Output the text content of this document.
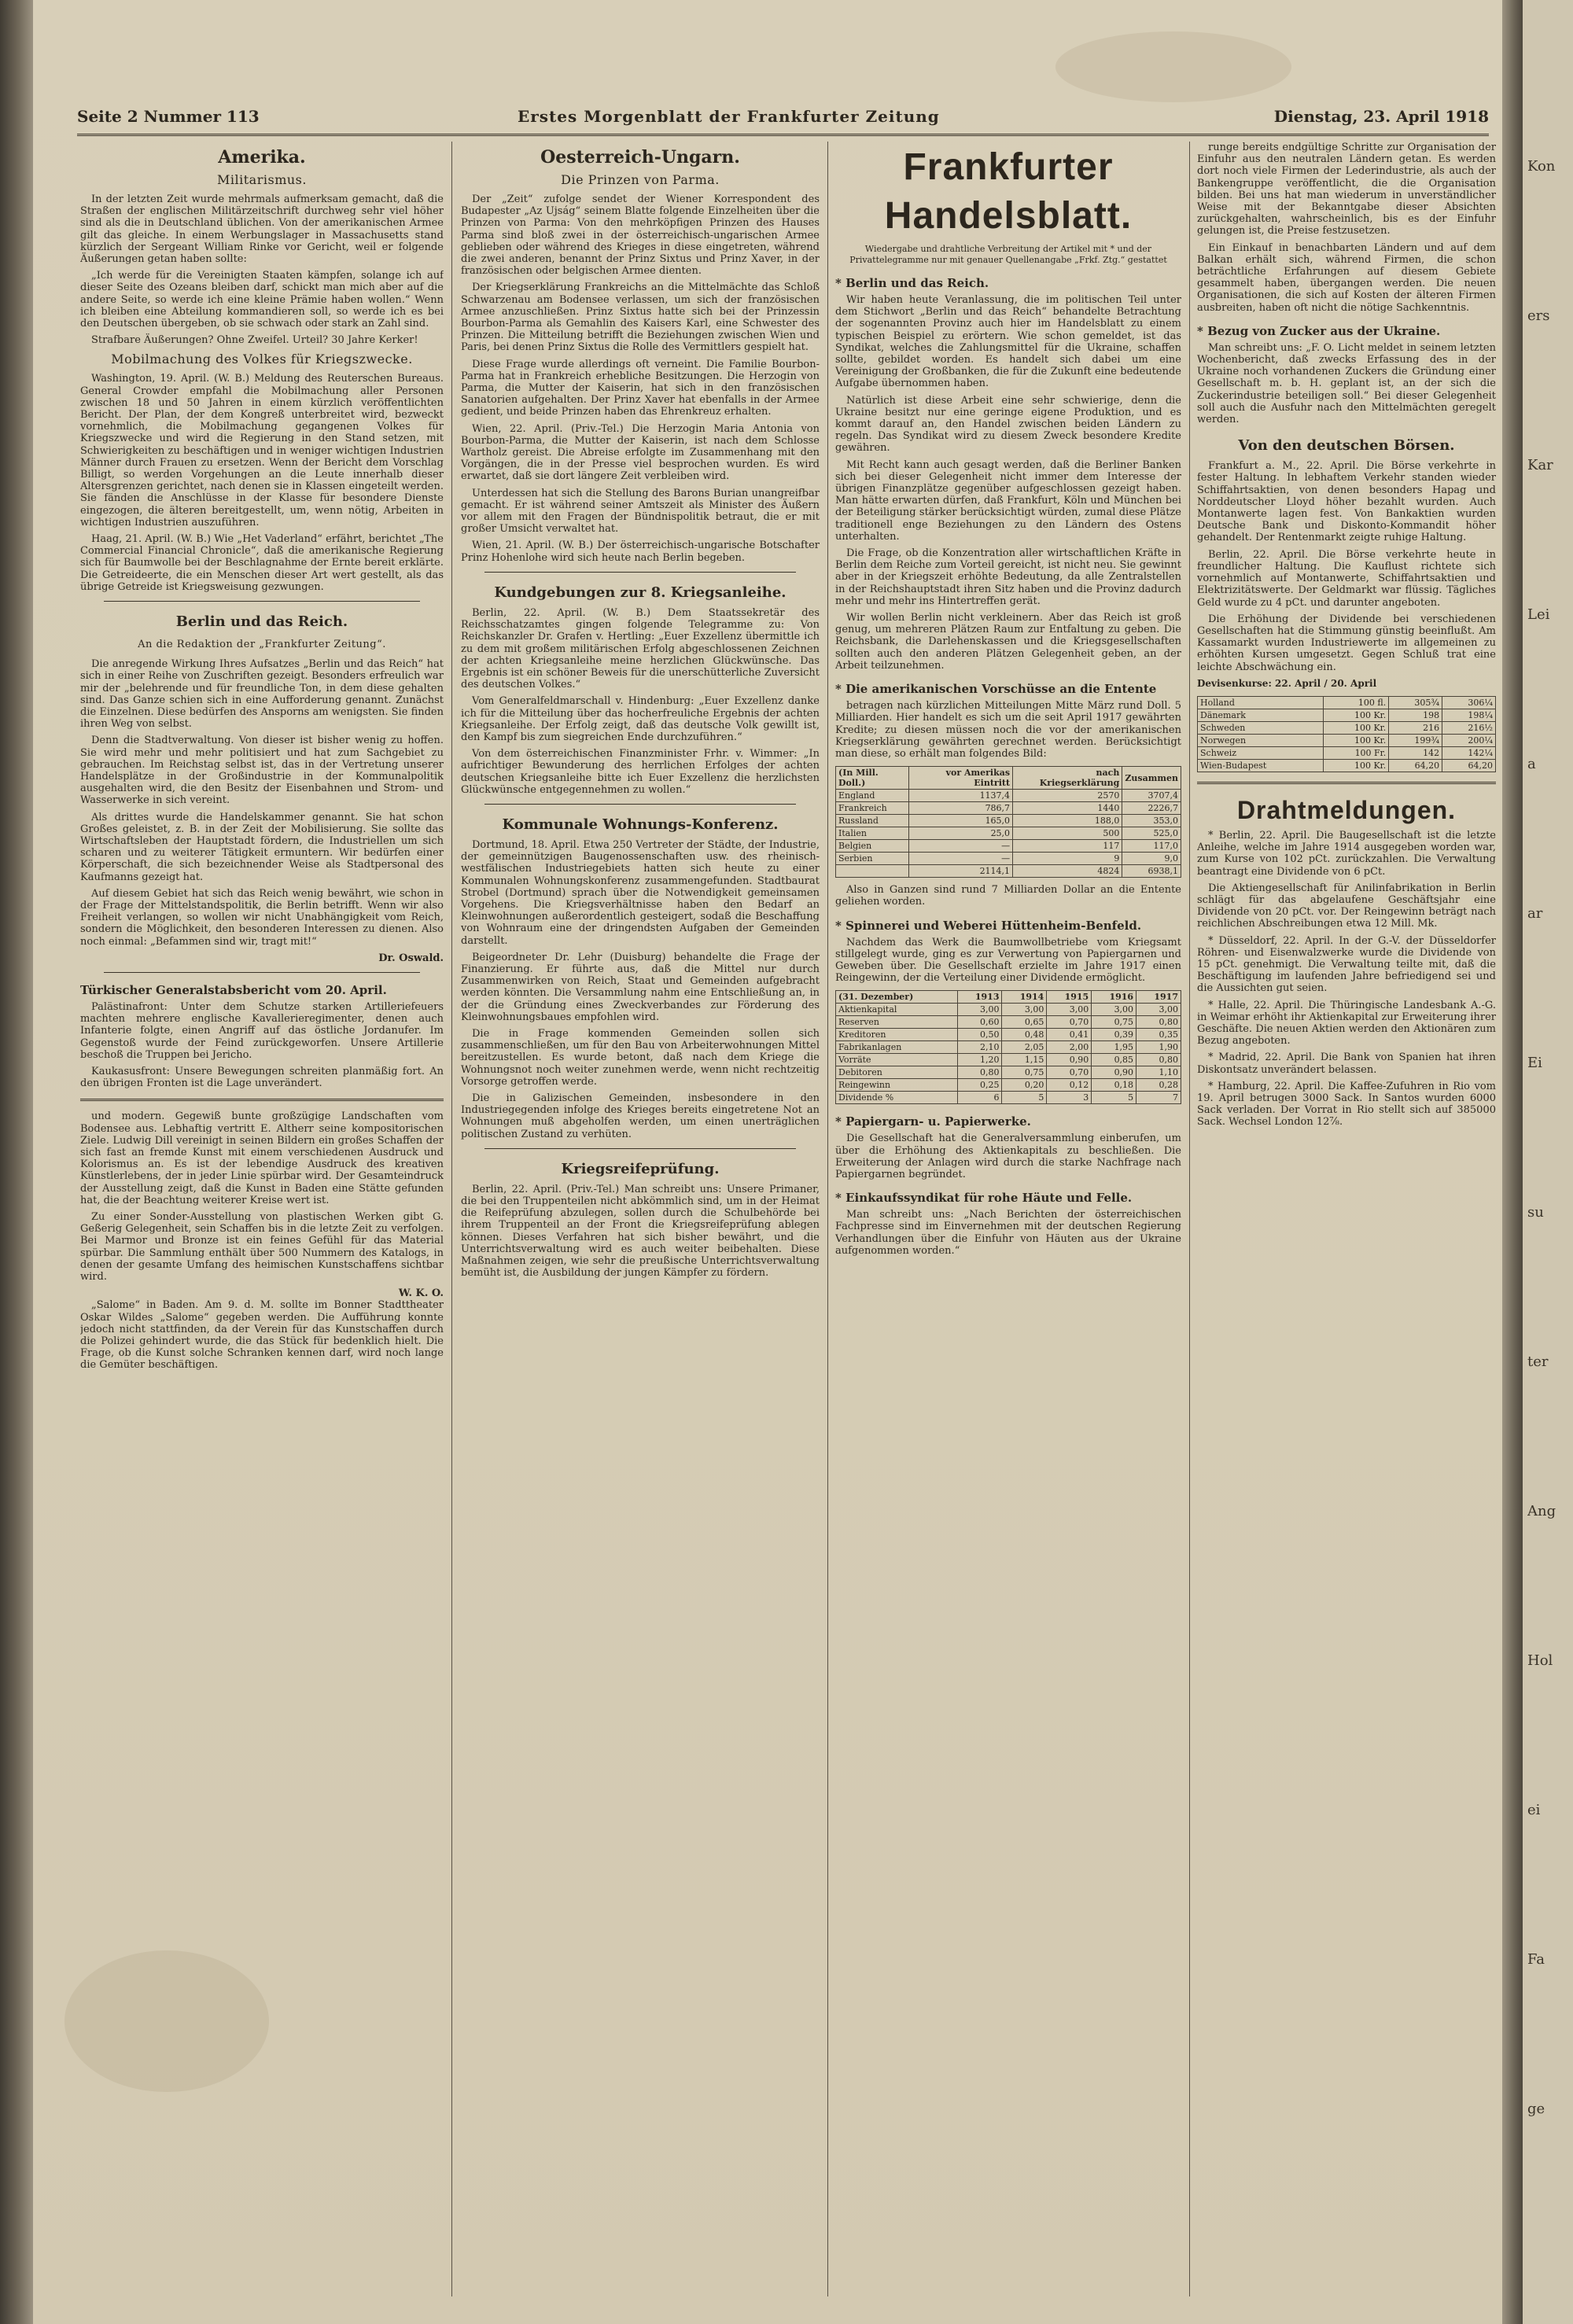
Seite 2 Nummer 113	Erstes Morgenblatt der Frankfurter Zeitung	Dienstag, 23. April 1918
Amerika.
Militarismus.

In der letzten Zeit wurde mehrmals aufmerksam gemacht, daß die Straßen der englischen Militärzeitschrift durchweg sehr viel höher sind als die in Deutschland üblichen. Von der amerikanischen Armee gilt das gleiche. In einem Werbungslager in Massachusetts stand kürzlich der Sergeant William Rinke vor Gericht, weil er folgende Äußerungen getan haben sollte:

„Ich werde für die Vereinigten Staaten kämpfen, solange ich auf dieser Seite des Ozeans bleiben darf, schickt man mich aber auf die andere Seite, so werde ich eine kleine Prämie haben wollen.“ Wenn ich bleiben eine Abteilung kommandieren soll, so werde ich es bei den Deutschen übergeben, ob sie schwach oder stark an Zahl sind.

Strafbare Äußerungen? Ohne Zweifel. Urteil? 30 Jahre Kerker!

Mobilmachung des Volkes für Kriegszwecke.

Washington, 19. April. (W. B.) Meldung des Reuterschen Bureaus. General Crowder empfahl die Mobilmachung aller Personen zwischen 18 und 50 Jahren in einem kürzlich veröffentlichten Bericht. Der Plan, der dem Kongreß unterbreitet wird, bezweckt vornehmlich, die Mobilmachung gegangenen Volkes für Kriegszwecke und wird die Regierung in den Stand setzen, mit Schwierigkeiten zu beschäftigen und in weniger wichtigen Industrien Männer durch Frauen zu ersetzen. Wenn der Bericht dem Vorschlag Billigt, so werden Vorgehungen an die Leute innerhalb dieser Altersgrenzen gerichtet, nach denen sie in Klassen eingeteilt werden. Sie fänden die Anschlüsse in der Klasse für besondere Dienste eingezogen, die älteren bereitgestellt, um, wenn nötig, Arbeiten in wichtigen Industrien auszuführen.

Haag, 21. April. (W. B.) Wie „Het Vaderland“ erfährt, berichtet „The Commercial Financial Chronicle“, daß die amerikanische Regierung sich für Baumwolle bei der Beschlagnahme der Ernte bereit erklärte. Die Getreideerte, die ein Menschen dieser Art wert gestellt, als das übrige Getreide ist Kriegsweisung gezwungen.

Berlin und das Reich.
An die Redaktion der „Frankfurter Zeitung“.

Die anregende Wirkung Ihres Aufsatzes „Berlin und das Reich“ hat sich in einer Reihe von Zuschriften gezeigt. Besonders erfreulich war mir der „belehrende und für freundliche Ton, in dem diese gehalten sind. Das Ganze schien sich in eine Aufforderung genannt. Zunächst die Einzelnen. Diese bedürfen des Ansporns am wenigsten. Sie finden ihren Weg von selbst.

Denn die Stadtverwaltung. Von dieser ist bisher wenig zu hoffen. Sie wird mehr und mehr politisiert und hat zum Sachgebiet zu gebrauchen. Im Reichstag selbst ist, das in der Vertretung unserer Handelsplätze in der Großindustrie in der Kommunalpolitik ausgehalten wird, die den Besitz der Eisenbahnen und Strom- und Wasserwerke in sich vereint.

Als drittes wurde die Handelskammer genannt. Sie hat schon Großes geleistet, z. B. in der Zeit der Mobilisierung. Sie sollte das Wirtschaftsleben der Hauptstadt fördern, die Industriellen um sich scharen und zu weiterer Tätigkeit ermuntern. Wir bedürfen einer Körperschaft, die sich bezeichnender Weise als Stadtpersonal des Kaufmanns gezeigt hat.

Auf diesem Gebiet hat sich das Reich wenig bewährt, wie schon in der Frage der Mittelstandspolitik, die Berlin betrifft. Wenn wir also Freiheit verlangen, so wollen wir nicht Unabhängigkeit vom Reich, sondern die Möglichkeit, den besonderen Interessen zu dienen. Also noch einmal: „Befammen sind wir, tragt mit!“

Dr. Oswald.
Türkischer Generalstabsbericht vom 20. April.

Palästinafront: Unter dem Schutze starken Artilleriefeuers machten mehrere englische Kavallerieregimenter, denen auch Infanterie folgte, einen Angriff auf das östliche Jordanufer. Im Gegenstoß wurde der Feind zurückgeworfen. Unsere Artillerie beschoß die Truppen bei Jericho.

Kaukasusfront: Unsere Bewegungen schreiten planmäßig fort. An den übrigen Fronten ist die Lage unverändert.

und modern. Gegewiß bunte großzügige Landschaften vom Bodensee aus. Lebhaftig vertritt E. Altherr seine kompositorischen Ziele. Ludwig Dill vereinigt in seinen Bildern ein großes Schaffen der sich fast an fremde Kunst mit einem verschiedenen Ausdruck und Kolorismus an. Es ist der lebendige Ausdruck des kreativen Künstlerlebens, der in jeder Linie spürbar wird. Der Gesamteindruck der Ausstellung zeigt, daß die Kunst in Baden eine Stätte gefunden hat, die der Beachtung weiterer Kreise wert ist.

Zu einer Sonder-Ausstellung von plastischen Werken gibt G. Geßerig Gelegenheit, sein Schaffen bis in die letzte Zeit zu verfolgen. Bei Marmor und Bronze ist ein feines Gefühl für das Material spürbar. Die Sammlung enthält über 500 Nummern des Katalogs, in denen der gesamte Umfang des heimischen Kunstschaffens sichtbar wird.

W. K. O.

„Salome“ in Baden. Am 9. d. M. sollte im Bonner Stadttheater Oskar Wildes „Salome“ gegeben werden. Die Aufführung konnte jedoch nicht stattfinden, da der Verein für das Kunstschaffen durch die Polizei gehindert wurde, die das Stück für bedenklich hielt. Die Frage, ob die Kunst solche Schranken kennen darf, wird noch lange die Gemüter beschäftigen.

Oesterreich-Ungarn.
Die Prinzen von Parma.

Der „Zeit“ zufolge sendet der Wiener Korrespondent des Budapester „Az Ujság“ seinem Blatte folgende Einzelheiten über die Prinzen von Parma: Von den mehrköpfigen Prinzen des Hauses Parma sind bloß zwei in der österreichisch-ungarischen Armee geblieben oder während des Krieges in diese eingetreten, während die zwei anderen, benannt der Prinz Sixtus und Prinz Xaver, in der französischen oder belgischen Armee dienten.

Der Kriegserklärung Frankreichs an die Mittelmächte das Schloß Schwarzenau am Bodensee verlassen, um sich der französischen Armee anzuschließen. Prinz Sixtus hatte sich bei der Prinzessin Bourbon-Parma als Gemahlin des Kaisers Karl, eine Schwester des Prinzen. Die Mitteilung betrifft die Beziehungen zwischen Wien und Paris, bei denen Prinz Sixtus die Rolle des Vermittlers gespielt hat.

Diese Frage wurde allerdings oft verneint. Die Familie Bourbon-Parma hat in Frankreich erhebliche Besitzungen. Die Herzogin von Parma, die Mutter der Kaiserin, hat sich in den französischen Sanatorien aufgehalten. Der Prinz Xaver hat ebenfalls in der Armee gedient, und beide Prinzen haben das Ehrenkreuz erhalten.

Wien, 22. April. (Priv.-Tel.) Die Herzogin Maria Antonia von Bourbon-Parma, die Mutter der Kaiserin, ist nach dem Schlosse Wartholz gereist. Die Abreise erfolgte im Zusammenhang mit den Vorgängen, die in der Presse viel besprochen wurden. Es wird erwartet, daß sie dort längere Zeit verbleiben wird.

Unterdessen hat sich die Stellung des Barons Burian unangreifbar gemacht. Er ist während seiner Amtszeit als Minister des Äußern vor allem mit den Fragen der Bündnispolitik betraut, die er mit großer Umsicht verwaltet hat.

Wien, 21. April. (W. B.) Der österreichisch-ungarische Botschafter Prinz Hohenlohe wird sich heute nach Berlin begeben.

Kundgebungen zur 8. Kriegsanleihe.

Berlin, 22. April. (W. B.) Dem Staatssekretär des Reichsschatzamtes gingen folgende Telegramme zu: Von Reichskanzler Dr. Grafen v. Hertling: „Euer Exzellenz übermittle ich zu dem mit großem militärischen Erfolg abgeschlossenen Zeichnen der achten Kriegsanleihe meine herzlichen Glückwünsche. Das Ergebnis ist ein schöner Beweis für die unerschütterliche Zuversicht des deutschen Volkes.“

Vom Generalfeldmarschall v. Hindenburg: „Euer Exzellenz danke ich für die Mitteilung über das hocherfreuliche Ergebnis der achten Kriegsanleihe. Der Erfolg zeigt, daß das deutsche Volk gewillt ist, den Kampf bis zum siegreichen Ende durchzuführen.“

Von dem österreichischen Finanzminister Frhr. v. Wimmer: „In aufrichtiger Bewunderung des herrlichen Erfolges der achten deutschen Kriegsanleihe bitte ich Euer Exzellenz die herzlichsten Glückwünsche entgegennehmen zu wollen.“

Kommunale Wohnungs-Konferenz.

Dortmund, 18. April. Etwa 250 Vertreter der Städte, der Industrie, der gemeinnützigen Baugenossenschaften usw. des rheinisch-westfälischen Industriegebiets hatten sich heute zu einer Kommunalen Wohnungskonferenz zusammengefunden. Stadtbaurat Strobel (Dortmund) sprach über die Notwendigkeit gemeinsamen Vorgehens. Die Kriegsverhältnisse haben den Bedarf an Kleinwohnungen außerordentlich gesteigert, sodaß die Beschaffung von Wohnraum eine der dringendsten Aufgaben der Gemeinden darstellt.

Beigeordneter Dr. Lehr (Duisburg) behandelte die Frage der Finanzierung. Er führte aus, daß die Mittel nur durch Zusammenwirken von Reich, Staat und Gemeinden aufgebracht werden könnten. Die Versammlung nahm eine Entschließung an, in der die Gründung eines Zweckverbandes zur Förderung des Kleinwohnungsbaues empfohlen wird.

Die in Frage kommenden Gemeinden sollen sich zusammenschließen, um für den Bau von Arbeiterwohnungen Mittel bereitzustellen. Es wurde betont, daß nach dem Kriege die Wohnungsnot noch weiter zunehmen werde, wenn nicht rechtzeitig Vorsorge getroffen werde.

Die in Galizischen Gemeinden, insbesondere in den Industriegegenden infolge des Krieges bereits eingetretene Not an Wohnungen muß abgeholfen werden, um einen unerträglichen politischen Zustand zu verhüten.

Kriegsreifeprüfung.

Berlin, 22. April. (Priv.-Tel.) Man schreibt uns: Unsere Primaner, die bei den Truppenteilen nicht abkömmlich sind, um in der Heimat die Reifeprüfung abzulegen, sollen durch die Schulbehörde bei ihrem Truppenteil an der Front die Kriegsreifeprüfung ablegen können. Dieses Verfahren hat sich bisher bewährt, und die Unterrichtsverwaltung wird es auch weiter beibehalten. Diese Maßnahmen zeigen, wie sehr die preußische Unterrichtsverwaltung bemüht ist, die Ausbildung der jungen Kämpfer zu fördern.

Frankfurter Handelsblatt.
Wiedergabe und drahtliche Verbreitung der Artikel mit * und der Privattelegramme nur mit genauer Quellenangabe „Frkf. Ztg.“ gestattet
* Berlin und das Reich.

Wir haben heute Veranlassung, die im politischen Teil unter dem Stichwort „Berlin und das Reich“ behandelte Betrachtung der sogenannten Provinz auch hier im Handelsblatt zu einem typischen Beispiel zu erörtern. Wie schon gemeldet, ist das Syndikat, welches die Zahlungsmittel für die Ukraine, schaffen sollte, gebildet worden. Es handelt sich dabei um eine Vereinigung der Großbanken, die für die Zukunft eine bedeutende Aufgabe übernommen haben.

Natürlich ist diese Arbeit eine sehr schwierige, denn die Ukraine besitzt nur eine geringe eigene Produktion, und es kommt darauf an, den Handel zwischen beiden Ländern zu regeln. Das Syndikat wird zu diesem Zweck besondere Kredite gewähren.

Mit Recht kann auch gesagt werden, daß die Berliner Banken sich bei dieser Gelegenheit nicht immer dem Interesse der übrigen Finanzplätze gegenüber aufgeschlossen gezeigt haben. Man hätte erwarten dürfen, daß Frankfurt, Köln und München bei der Beteiligung stärker berücksichtigt würden, zumal diese Plätze traditionell enge Beziehungen zu den Ländern des Ostens unterhalten.

Die Frage, ob die Konzentration aller wirtschaftlichen Kräfte in Berlin dem Reiche zum Vorteil gereicht, ist nicht neu. Sie gewinnt aber in der Kriegszeit erhöhte Bedeutung, da alle Zentralstellen in der Reichshauptstadt ihren Sitz haben und die Provinz dadurch mehr und mehr ins Hintertreffen gerät.

Wir wollen Berlin nicht verkleinern. Aber das Reich ist groß genug, um mehreren Plätzen Raum zur Entfaltung zu geben. Die Reichsbank, die Darlehenskassen und die Kriegsgesellschaften sollten auch den anderen Plätzen Gelegenheit geben, an der Arbeit teilzunehmen.

* Die amerikanischen Vorschüsse an die Entente

betragen nach kürzlichen Mitteilungen Mitte März rund Doll. 5 Milliarden. Hier handelt es sich um die seit April 1917 gewährten Kredite; zu diesen müssen noch die vor der amerikanischen Kriegserklärung gewährten gerechnet werden. Berücksichtigt man diese, so erhält man folgendes Bild:

(In Mill. Doll.)	vor Amerikas Eintritt	nach Kriegserklärung	Zusammen
England	1137,4	2570	3707,4
Frankreich	786,7	1440	2226,7
Russland	165,0	188,0	353,0
Italien	25,0	500	525,0
Belgien	—	117	117,0
Serbien	—	9	9,0
	2114,1	4824	6938,1

Also in Ganzen sind rund 7 Milliarden Dollar an die Entente geliehen worden.

* Spinnerei und Weberei Hüttenheim-Benfeld.

Nachdem das Werk die Baumwollbetriebe vom Kriegsamt stillgelegt wurde, ging es zur Verwertung von Papiergarnen und Geweben über. Die Gesellschaft erzielte im Jahre 1917 einen Reingewinn, der die Verteilung einer Dividende ermöglicht.

(31. Dezember)	1913	1914	1915	1916	1917
Aktienkapital	3,00	3,00	3,00	3,00	3,00
Reserven	0,60	0,65	0,70	0,75	0,80
Kreditoren	0,50	0,48	0,41	0,39	0,35
Fabrikanlagen	2,10	2,05	2,00	1,95	1,90
Vorräte	1,20	1,15	0,90	0,85	0,80
Debitoren	0,80	0,75	0,70	0,90	1,10
Reingewinn	0,25	0,20	0,12	0,18	0,28
Dividende %	6	5	3	5	7
* Papiergarn- u. Papierwerke.

Die Gesellschaft hat die Generalversammlung einberufen, um über die Erhöhung des Aktienkapitals zu beschließen. Die Erweiterung der Anlagen wird durch die starke Nachfrage nach Papiergarnen begründet.

* Einkaufssyndikat für rohe Häute und Felle.

Man schreibt uns: „Nach Berichten der österreichischen Fachpresse sind im Einvernehmen mit der deutschen Regierung Verhandlungen über die Einfuhr von Häuten aus der Ukraine aufgenommen worden.“

runge bereits endgültige Schritte zur Organisation der Einfuhr aus den neutralen Ländern getan. Es werden dort noch viele Firmen der Lederindustrie, als auch der Bankengruppe veröffentlicht, die die Organisation bilden. Bei uns hat man wiederum in unverständlicher Weise mit der Bekanntgabe dieser Absichten zurückgehalten, wahrscheinlich, bis es der Einfuhr gelungen ist, die Preise festzusetzen.

Ein Einkauf in benachbarten Ländern und auf dem Balkan erhält sich, während Firmen, die schon beträchtliche Erfahrungen auf diesem Gebiete gesammelt haben, übergangen werden. Die neuen Organisationen, die sich auf Kosten der älteren Firmen ausbreiten, haben oft nicht die nötige Sachkenntnis.

* Bezug von Zucker aus der Ukraine.

Man schreibt uns: „F. O. Licht meldet in seinem letzten Wochenbericht, daß zwecks Erfassung des in der Ukraine noch vorhandenen Zuckers die Gründung einer Gesellschaft m. b. H. geplant ist, an der sich die Zuckerindustrie beteiligen soll.“ Bei dieser Gelegenheit soll auch die Ausfuhr nach den Mittelmächten geregelt werden.

Von den deutschen Börsen.

Frankfurt a. M., 22. April. Die Börse verkehrte in fester Haltung. In lebhaftem Verkehr standen wieder Schiffahrtsaktien, von denen besonders Hapag und Norddeutscher Lloyd höher bezahlt wurden. Auch Montanwerte lagen fest. Von Bankaktien wurden Deutsche Bank und Diskonto-Kommandit höher gehandelt. Der Rentenmarkt zeigte ruhige Haltung.

Berlin, 22. April. Die Börse verkehrte heute in freundlicher Haltung. Die Kauflust richtete sich vornehmlich auf Montanwerte, Schiffahrtsaktien und Elektrizitätswerte. Der Geldmarkt war flüssig. Tägliches Geld wurde zu 4 pCt. und darunter angeboten.

Die Erhöhung der Dividende bei verschiedenen Gesellschaften hat die Stimmung günstig beeinflußt. Am Kassamarkt wurden Industriewerte im allgemeinen zu erhöhten Kursen umgesetzt. Gegen Schluß trat eine leichte Abschwächung ein.

Devisenkurse: 22. April / 20. April
Holland	100 fl.	305¾	306¼
Dänemark	100 Kr.	198	198¼
Schweden	100 Kr.	216	216½
Norwegen	100 Kr.	199¾	200¼
Schweiz	100 Fr.	142	142¼
Wien-Budapest	100 Kr.	64,20	64,20
Drahtmeldungen.

* Berlin, 22. April. Die Baugesellschaft ist die letzte Anleihe, welche im Jahre 1914 ausgegeben worden war, zum Kurse von 102 pCt. zurückzahlen. Die Verwaltung beantragt eine Dividende von 6 pCt.

Die Aktiengesellschaft für Anilinfabrikation in Berlin schlägt für das abgelaufene Geschäftsjahr eine Dividende von 20 pCt. vor. Der Reingewinn beträgt nach reichlichen Abschreibungen etwa 12 Mill. Mk.

* Düsseldorf, 22. April. In der G.-V. der Düsseldorfer Röhren- und Eisenwalzwerke wurde die Dividende von 15 pCt. genehmigt. Die Verwaltung teilte mit, daß die Beschäftigung im laufenden Jahre befriedigend sei und die Aussichten gut seien.

* Halle, 22. April. Die Thüringische Landesbank A.-G. in Weimar erhöht ihr Aktienkapital zur Erweiterung ihrer Geschäfte. Die neuen Aktien werden den Aktionären zum Bezug angeboten.

* Madrid, 22. April. Die Bank von Spanien hat ihren Diskontsatz unverändert belassen.

* Hamburg, 22. April. Die Kaffee-Zufuhren in Rio vom 19. April betrugen 3000 Sack. In Santos wurden 6000 Sack verladen. Der Vorrat in Rio stellt sich auf 385000 Sack. Wechsel London 12⅞.

Kon
ers
Kar
Lei
a
ar
Ei
su
ter
Ang
Hol
ei
Fa
ge
